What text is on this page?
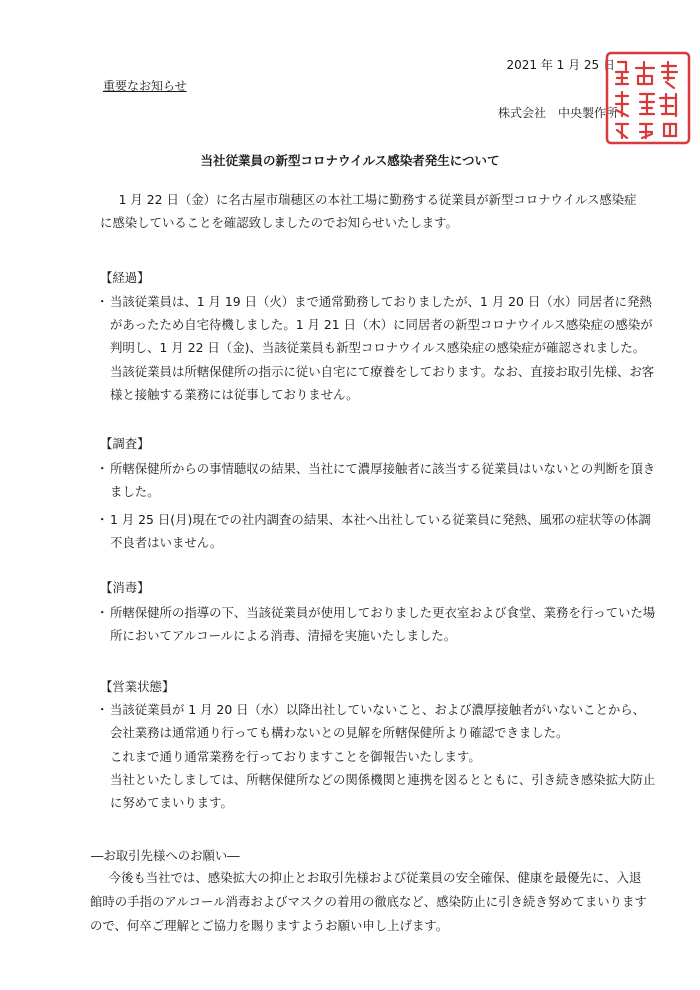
2021 年 1 月 25 日
重要なお知らせ
株式会社　中央製作所
当社従業員の新型コロナウイルス感染者発生について
1 月 22 日（金）に名古屋市瑞穂区の本社工場に勤務する従業員が新型コロナウイルス感染症に感染していることを確認致しましたのでお知らせいたします。
【経過】
・ 当該従業員は、1 月 19 日（火）まで通常勤務しておりましたが、1 月 20 日（水）同居者に発熱があったため自宅待機しました。1 月 21 日（木）に同居者の新型コロナウイルス感染症の感染が判明し、1 月 22 日（金)、当該従業員も新型コロナウイルス感染症の感染症が確認されました。当該従業員は所轄保健所の指示に従い自宅にて療養をしております。なお、直接お取引先様、お客様と接触する業務には従事しておりません。
【調査】
・ 所轄保健所からの事情聴収の結果、当社にて濃厚接触者に該当する従業員はいないとの判断を頂きました。
・ 1 月 25 日(月)現在での社内調査の結果、本社へ出社している従業員に発熱、風邪の症状等の体調不良者はいません。
【消毒】
・ 所轄保健所の指導の下、当該従業員が使用しておりました更衣室および食堂、業務を行っていた場所においてアルコールによる消毒、清掃を実施いたしました。
【営業状態】
・ 当該従業員が 1 月 20 日（水）以降出社していないこと、および濃厚接触者がいないことから、会社業務は通常通り行っても構わないとの見解を所轄保健所より確認できました。
これまで通り通常業務を行っておりますことを御報告いたします。
当社といたしましては、所轄保健所などの関係機関と連携を図るとともに、引き続き感染拡大防止に努めてまいります。
―お取引先様へのお願い―
今後も当社では、感染拡大の抑止とお取引先様および従業員の安全確保、健康を最優先に、入退館時の手指のアルコール消毒およびマスクの着用の徹底など、感染防止に引き続き努めてまいりますので、何卒ご理解とご協力を賜りますようお願い申し上げます。
